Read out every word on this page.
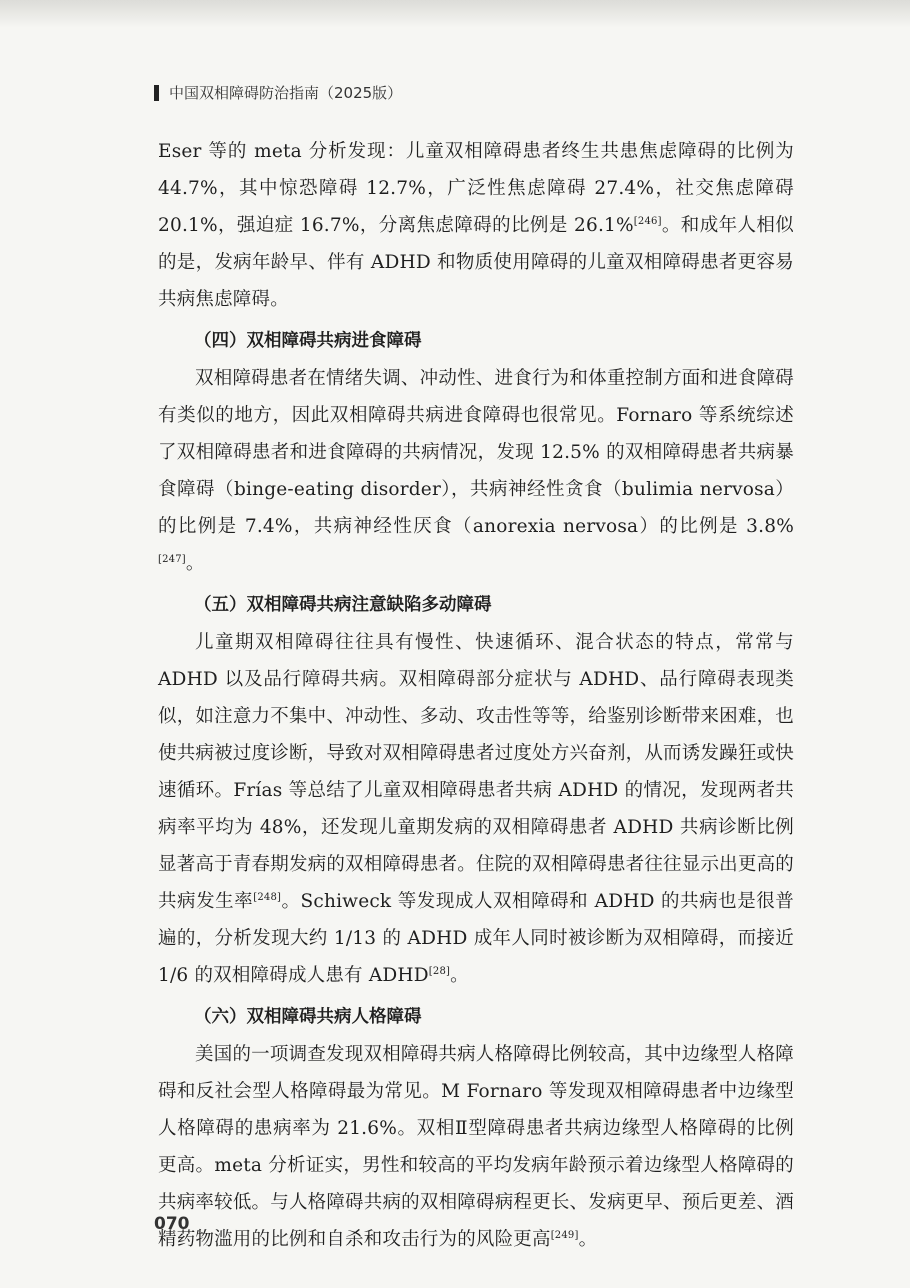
中国双相障碍防治指南（2025版）

Eser 等的 meta 分析发现：儿童双相障碍患者终生共患焦虑障碍的比例为 44.7%，其中惊恐障碍 12.7%，广泛性焦虑障碍 27.4%，社交焦虑障碍 20.1%，强迫症 16.7%，分离焦虑障碍的比例是 26.1%[246]。和成年人相似的是，发病年龄早、伴有 ADHD 和物质使用障碍的儿童双相障碍患者更容易共病焦虑障碍。

（四）双相障碍共病进食障碍

双相障碍患者在情绪失调、冲动性、进食行为和体重控制方面和进食障碍有类似的地方，因此双相障碍共病进食障碍也很常见。Fornaro 等系统综述了双相障碍患者和进食障碍的共病情况，发现 12.5% 的双相障碍患者共病暴食障碍（binge-eating disorder），共病神经性贪食（bulimia nervosa）的比例是 7.4%，共病神经性厌食（anorexia nervosa）的比例是 3.8%[247]。

（五）双相障碍共病注意缺陷多动障碍

儿童期双相障碍往往具有慢性、快速循环、混合状态的特点，常常与 ADHD 以及品行障碍共病。双相障碍部分症状与 ADHD、品行障碍表现类似，如注意力不集中、冲动性、多动、攻击性等等，给鉴别诊断带来困难，也使共病被过度诊断，导致对双相障碍患者过度处方兴奋剂，从而诱发躁狂或快速循环。Frías 等总结了儿童双相障碍患者共病 ADHD 的情况，发现两者共病率平均为 48%，还发现儿童期发病的双相障碍患者 ADHD 共病诊断比例显著高于青春期发病的双相障碍患者。住院的双相障碍患者往往显示出更高的共病发生率[248]。Schiweck 等发现成人双相障碍和 ADHD 的共病也是很普遍的，分析发现大约 1/13 的 ADHD 成年人同时被诊断为双相障碍，而接近 1/6 的双相障碍成人患有 ADHD[28]。

（六）双相障碍共病人格障碍

美国的一项调查发现双相障碍共病人格障碍比例较高，其中边缘型人格障碍和反社会型人格障碍最为常见。M Fornaro 等发现双相障碍患者中边缘型人格障碍的患病率为 21.6%。双相Ⅱ型障碍患者共病边缘型人格障碍的比例更高。meta 分析证实，男性和较高的平均发病年龄预示着边缘型人格障碍的共病率较低。与人格障碍共病的双相障碍病程更长、发病更早、预后更差、酒精药物滥用的比例和自杀和攻击行为的风险更高[249]。

070
